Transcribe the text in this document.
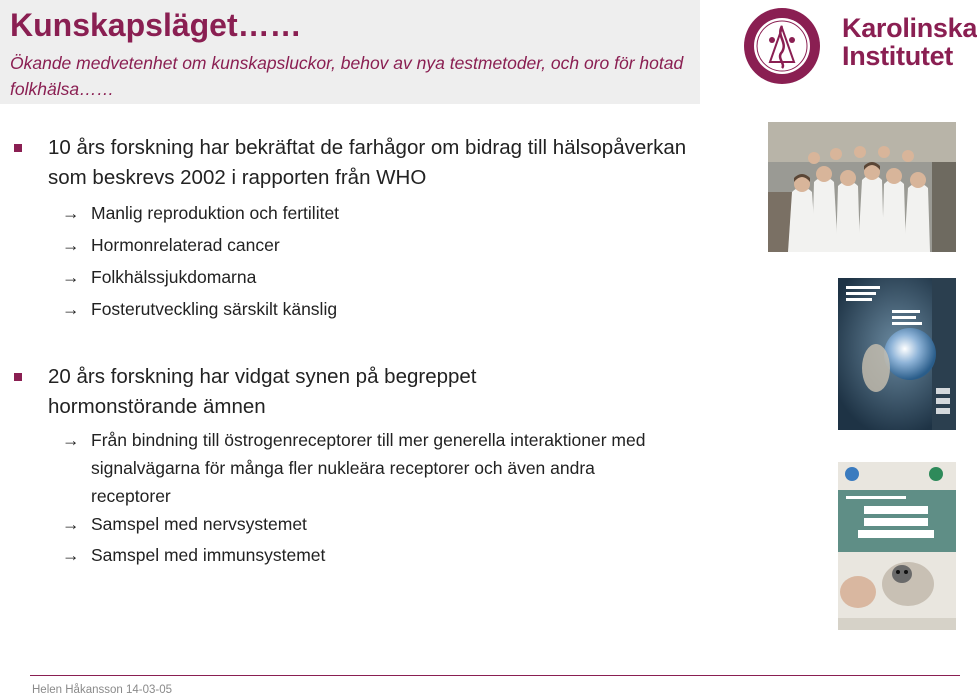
Kunskapsläget……
Ökande medvetenhet om kunskapsluckor, behov av nya testmetoder, och oro för hotad folkhälsa……
Karolinska
Institutet
10 års forskning har bekräftat de farhågor om bidrag till hälsopåverkan som beskrevs 2002 i rapporten från WHO
→ Manlig reproduktion och fertilitet
→ Hormonrelaterad cancer
→ Folkhälssjukdomarna
→ Fosterutveckling särskilt känslig
20 års forskning har vidgat synen på begreppet hormonstörande ämnen
→ Från bindning till östrogenreceptorer till mer generella interaktioner med signalvägarna för många fler nukleära receptorer och även andra receptorer
→ Samspel med nervsystemet
→ Samspel med immunsystemet
Helen Håkansson 14-03-05
